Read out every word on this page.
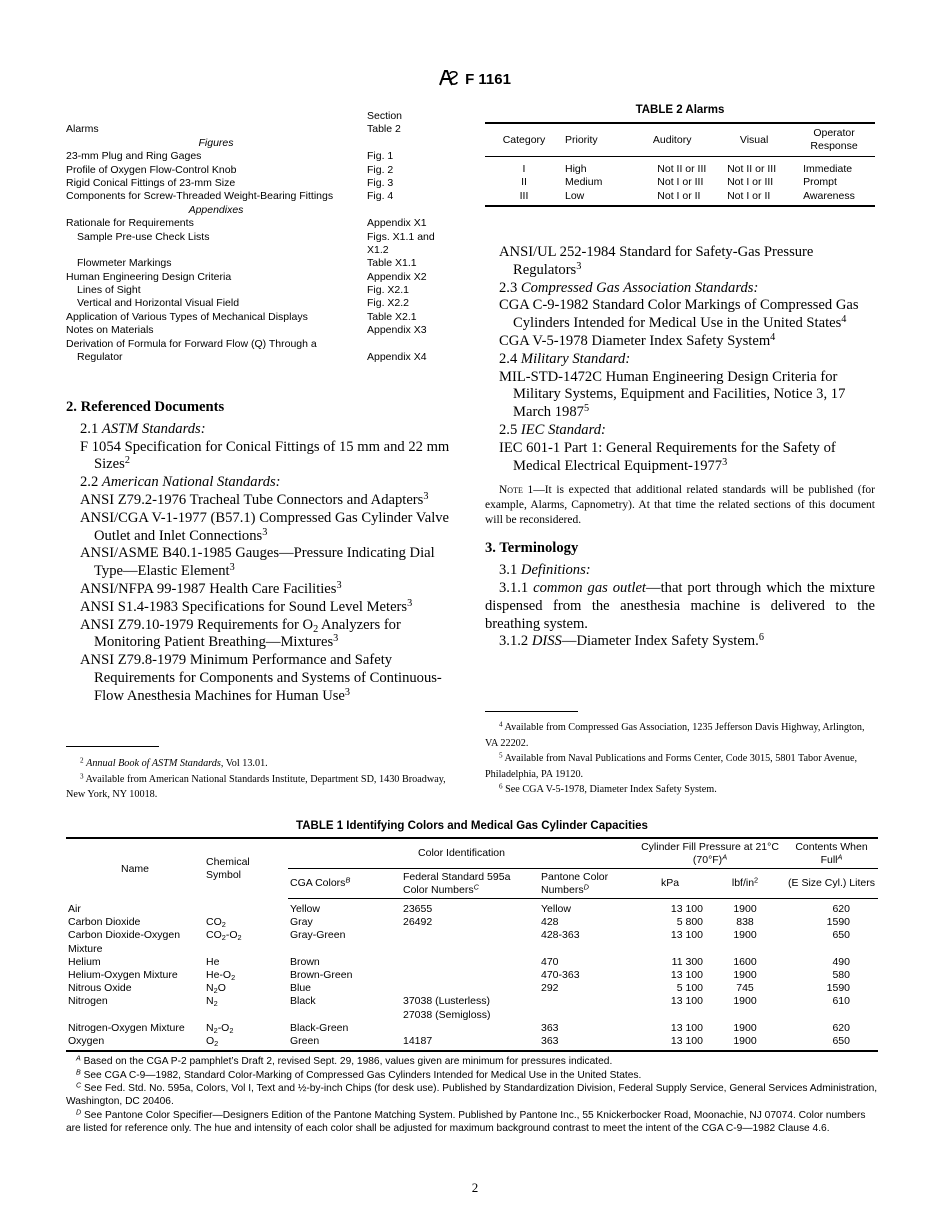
F 1161
Section
Alarms	Table 2
Figures
23-mm Plug and Ring Gages	Fig. 1
Profile of Oxygen Flow-Control Knob	Fig. 2
Rigid Conical Fittings of 23-mm Size	Fig. 3
Components for Screw-Threaded Weight-Bearing Fittings	Fig. 4
Appendixes
Rationale for Requirements	Appendix X1
Sample Pre-use Check Lists	Figs. X1.1 and
X1.2
Flowmeter Markings	Table X1.1
Human Engineering Design Criteria	Appendix X2
Lines of Sight	Fig. X2.1
Vertical and Horizontal Visual Field	Fig. X2.2
Application of Various Types of Mechanical Displays	Table X2.1
Notes on Materials	Appendix X3
Derivation of Formula for Forward Flow (Q) Through a
Regulator	Appendix X4

2. Referenced Documents

2.1 ASTM Standards:

F 1054 Specification for Conical Fittings of 15 mm and 22 mm Sizes$^2$

2.2 American National Standards:

ANSI Z79.2-1976 Tracheal Tube Connectors and Adapters$^3$

ANSI/CGA V-1-1977 (B57.1) Compressed Gas Cylinder Valve Outlet and Inlet Connections$^3$

ANSI/ASME B40.1-1985 Gauges—Pressure Indicating Dial Type—Elastic Element$^3$

ANSI/NFPA 99-1987 Health Care Facilities$^3$

ANSI S1.4-1983 Specifications for Sound Level Meters$^3$

ANSI Z79.10-1979 Requirements for $O_2$ Analyzers for Monitoring Patient Breathing—Mixtures$^3$

ANSI Z79.8-1979 Minimum Performance and Safety Requirements for Components and Systems of Continuous-Flow Anesthesia Machines for Human Use$^3$

$^2$ Annual Book of ASTM Standards, Vol 13.01.

$^3$ Available from American National Standards Institute, Department SD, 1430 Broadway, New York, NY 10018.

TABLE 2 Alarms
Category	Priority	Auditory	Visual	Operator Response
I	High	Not II or III	Not II or III	Immediate
II	Medium	Not I or III	Not I or III	Prompt
III	Low	Not I or II	Not I or II	Awareness

ANSI/UL 252-1984 Standard for Safety-Gas Pressure Regulators$^3$

2.3 Compressed Gas Association Standards:

CGA C-9-1982 Standard Color Markings of Compressed Gas Cylinders Intended for Medical Use in the United States$^4$

CGA V-5-1978 Diameter Index Safety System$^4$

2.4 Military Standard:

MIL-STD-1472C Human Engineering Design Criteria for Military Systems, Equipment and Facilities, Notice 3, 17 March 1987$^5$

2.5 IEC Standard:

IEC 601-1 Part 1: General Requirements for the Safety of Medical Electrical Equipment-1977$^3$

Note 1—It is expected that additional related standards will be published (for example, Alarms, Capnometry). At that time the related sections of this document will be reconsidered.

3. Terminology

3.1 Definitions:

3.1.1 common gas outlet—that port through which the mixture dispensed from the anesthesia machine is delivered to the breathing system.

3.1.2 DISS—Diameter Index Safety System.$^6$

$^4$ Available from Compressed Gas Association, 1235 Jefferson Davis Highway, Arlington, VA 22202.

$^5$ Available from Naval Publications and Forms Center, Code 3015, 5801 Tabor Avenue, Philadelphia, PA 19120.

$^6$ See CGA V-5-1978, Diameter Index Safety System.

TABLE 1 Identifying Colors and Medical Gas Cylinder Capacities
Name	Chemical Symbol	Color Identification			Cylinder Fill Pressure at 21°C $(70^\circ F)^A$		Contents When Full$^A$
		CGA Colors$^B$	Federal Standard 595a Color Numbers$^C$	Pantone Color Numbers$^D$	kPa	lbf/$in^2$	(E Size Cyl.) Liters
Air		Yellow	23655	Yellow	13 100	1900	620
Carbon Dioxide	$CO_2$	Gray	26492	428	5 800	838	1590
Carbon Dioxide-Oxygen Mixture	$CO_2-O_2$	Gray-Green		428-363	13 100	1900	650
Helium	He	Brown		470	11 300	1600	490
Helium-Oxygen Mixture	$He-O_2$	Brown-Green		470-363	13 100	1900	580
Nitrous Oxide	$N_2O$	Blue		292	5 100	745	1590
Nitrogen	$N_2$	Black	37038 (Lusterless)
27038 (Semigloss)		13 100	1900	610
Nitrogen-Oxygen Mixture	$N_2-O_2$	Black-Green		363	13 100	1900	620
Oxygen	$O_2$	Green	14187	363	13 100	1900	650

$^A$ Based on the CGA P-2 pamphlet’s Draft 2, revised Sept. 29, 1986, values given are minimum for pressures indicated.

$^B$ See CGA C-9—1982, Standard Color-Marking of Compressed Gas Cylinders Intended for Medical Use in the United States.

$^C$ See Fed. Std. No. 595a, Colors, Vol I, Text and ½-by-inch Chips (for desk use). Published by Standardization Division, Federal Supply Service, General Services Administration, Washington, DC 20406.

$^D$ See Pantone Color Specifier—Designers Edition of the Pantone Matching System. Published by Pantone Inc., 55 Knickerbocker Road, Moonachie, NJ 07074. Color numbers are listed for reference only. The hue and intensity of each color shall be adjusted for maximum background contrast to meet the intent of the CGA C-9—1982 Clause 4.6.

2
